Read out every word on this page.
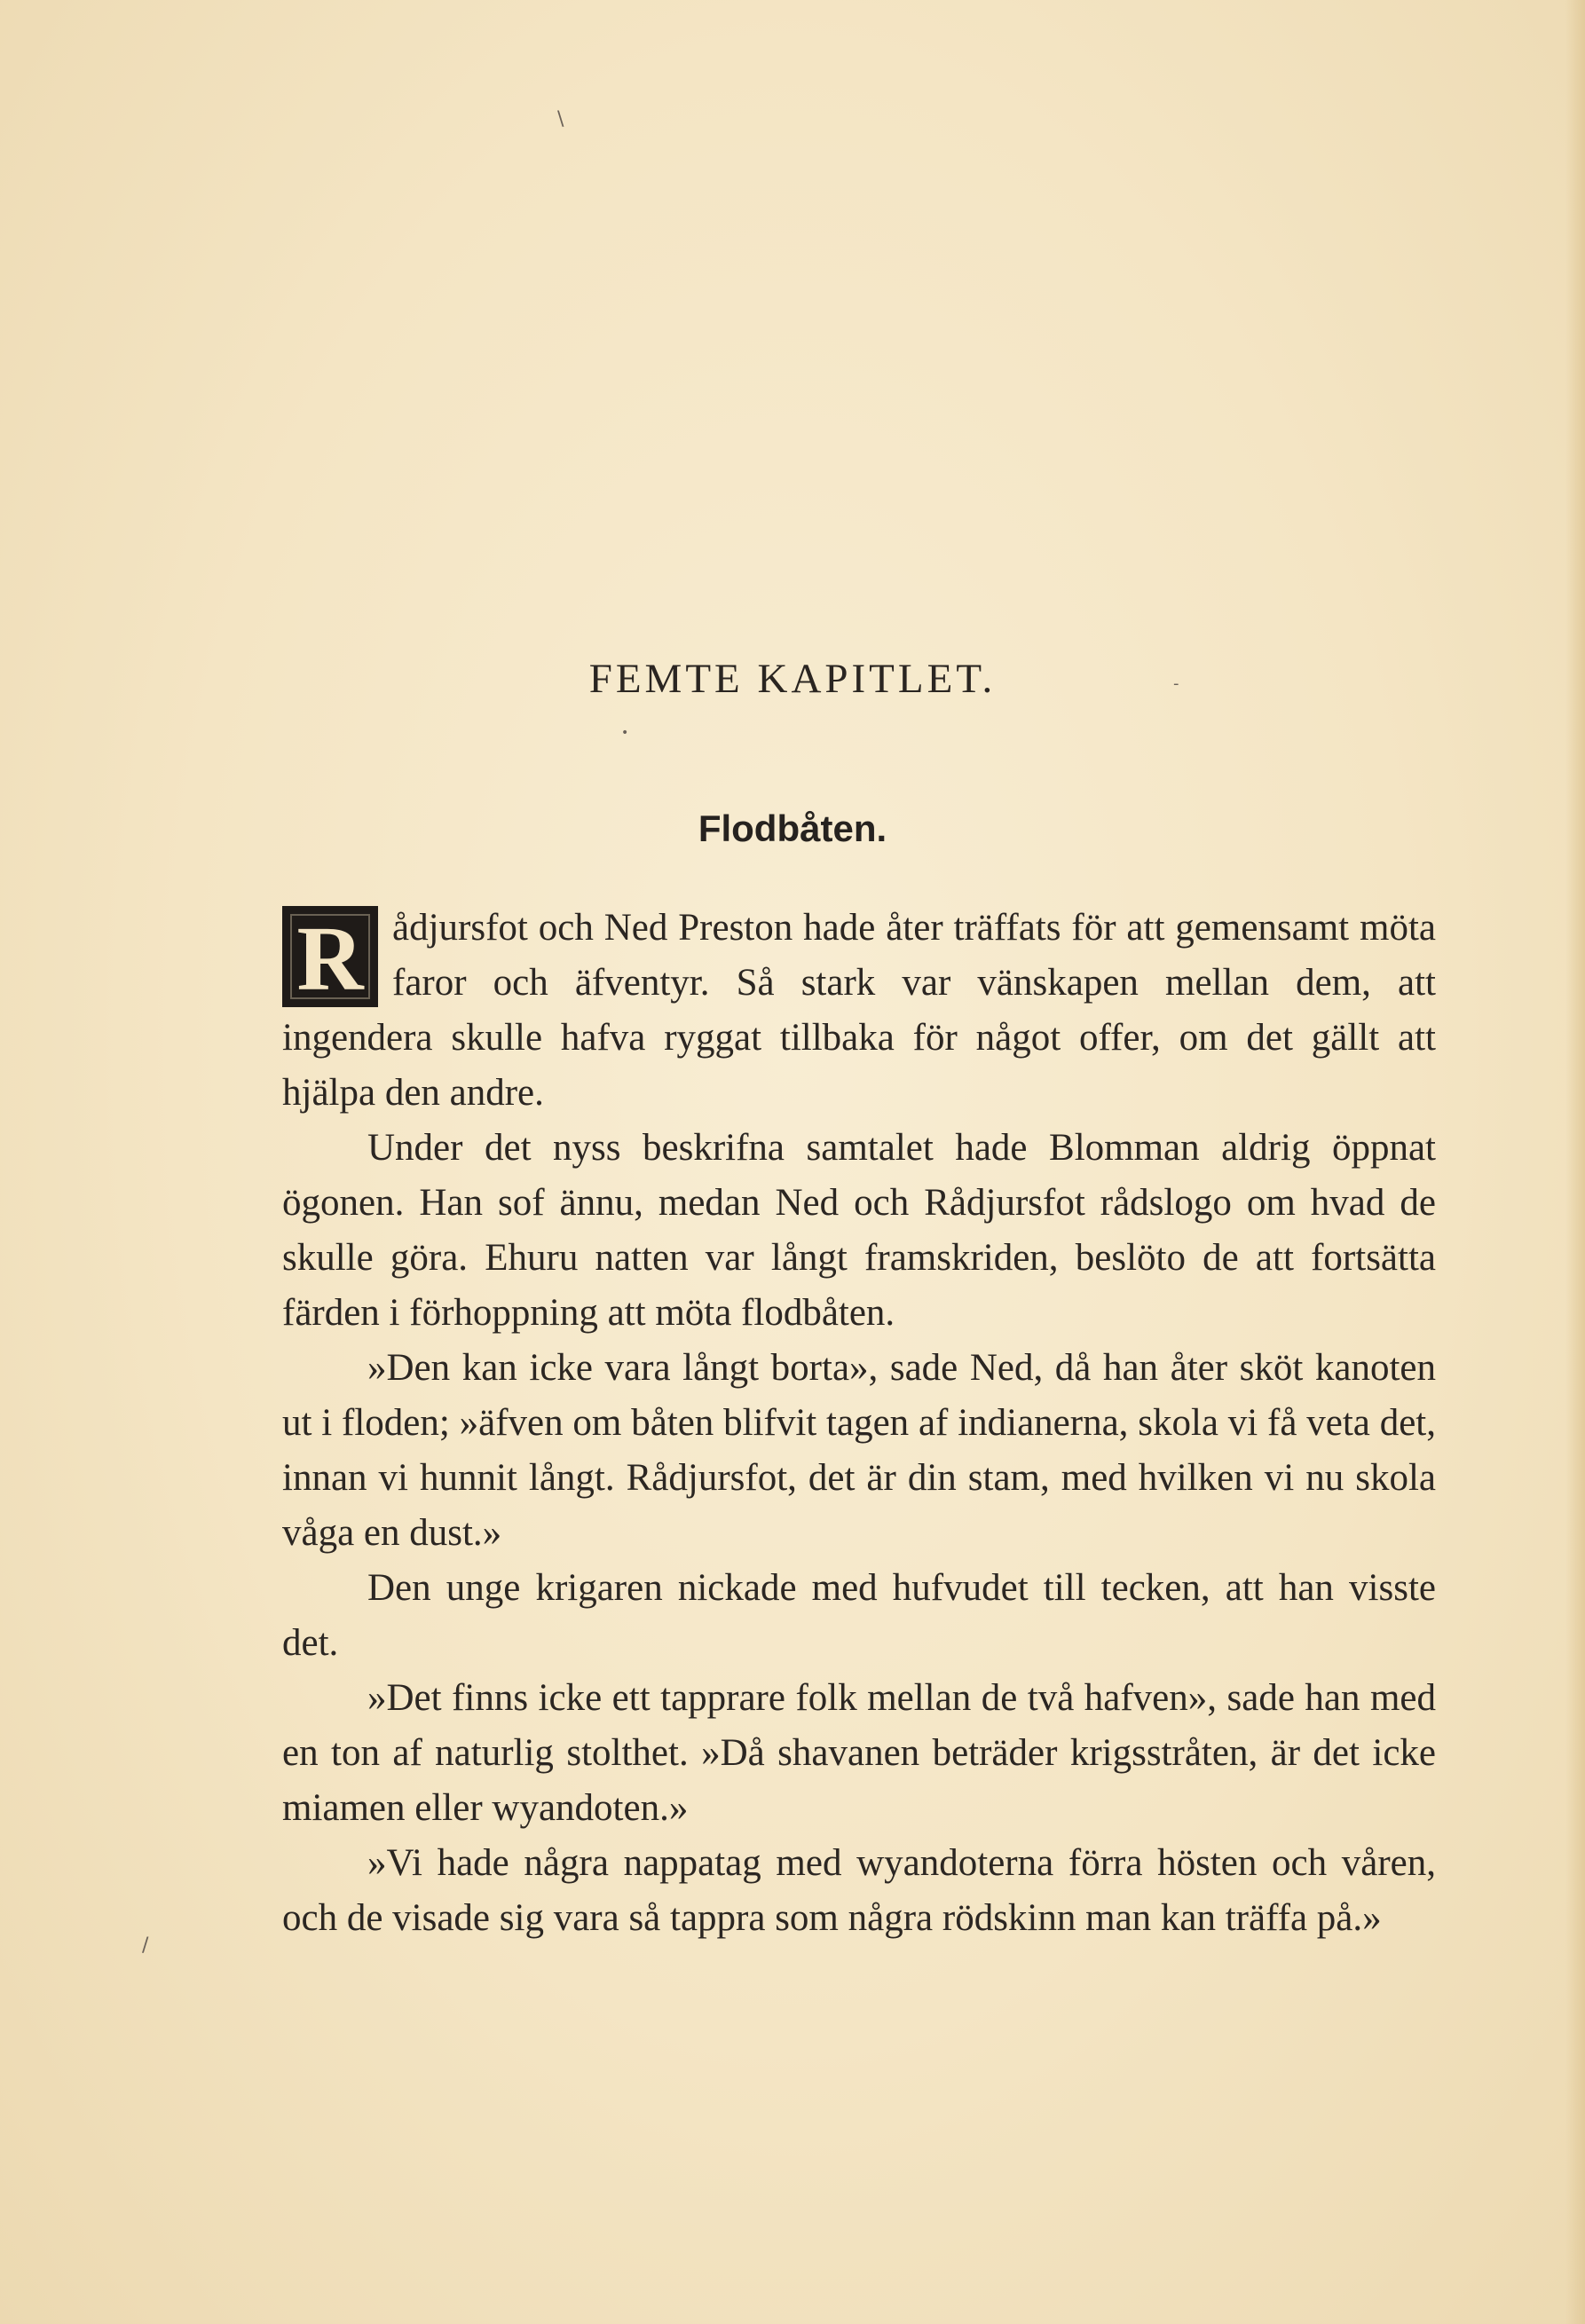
\
-
•
/
FEMTE KAPITLET.
Flodbåten.

R ådjursfot och Ned Preston hade åter träffats för att gemensamt möta faror och äfventyr. Så stark var vänskapen mellan dem, att ingendera skulle hafva ryggat tillbaka för något offer, om det gällt att hjälpa den andre.

Under det nyss beskrifna samtalet hade Blomman aldrig öppnat ögonen. Han sof ännu, medan Ned och Rådjursfot rådslogo om hvad de skulle göra. Ehuru natten var långt framskriden, beslöto de att fortsätta färden i förhoppning att möta flodbåten.

»Den kan icke vara långt borta», sade Ned, då han åter sköt kanoten ut i floden; »äfven om båten blifvit tagen af indianerna, skola vi få veta det, innan vi hunnit långt. Rådjursfot, det är din stam, med hvilken vi nu skola våga en dust.»

Den unge krigaren nickade med hufvudet till tecken, att han visste det.

»Det finns icke ett tapprare folk mellan de två hafven», sade han med en ton af naturlig stolthet. »Då shavanen beträder krigsstråten, är det icke miamen eller wyandoten.»

»Vi hade några nappatag med wyandoterna förra hösten och våren, och de visade sig vara så tappra som några rödskinn man kan träffa på.»
